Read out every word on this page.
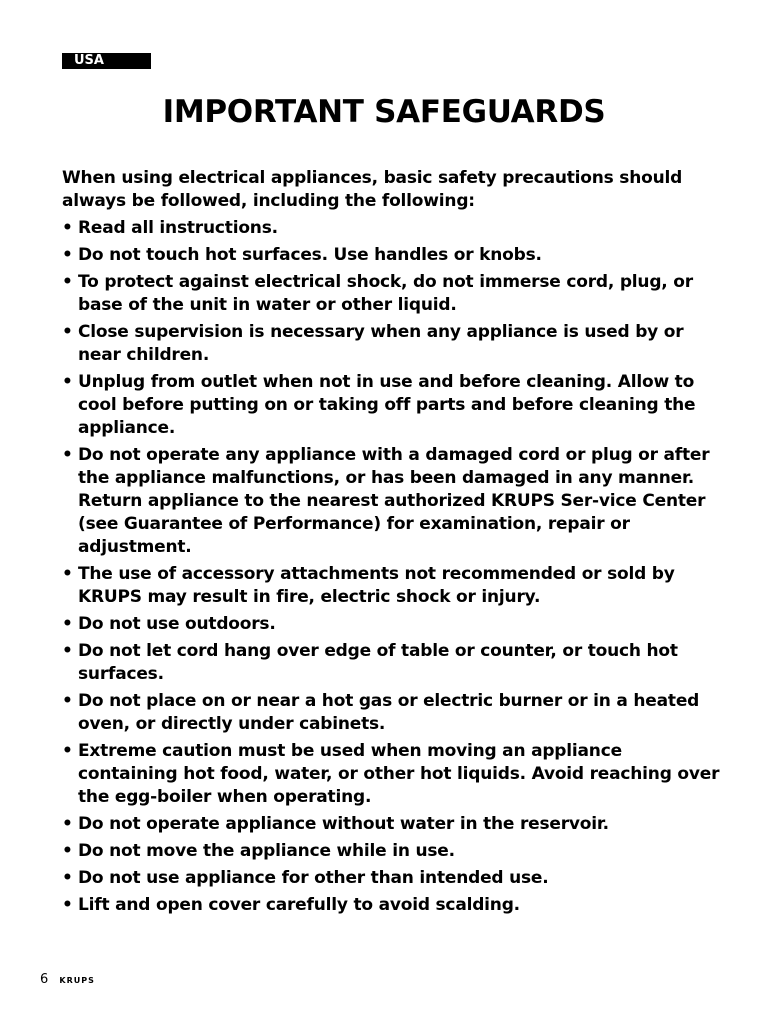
USA
IMPORTANT SAFEGUARDS

When using electrical appliances, basic safety precautions should always be followed, including the following:

• Read all instructions.
• Do not touch hot surfaces. Use handles or knobs.
• To protect against electrical shock, do not immerse cord, plug, or base of the unit in water or other liquid.
• Close supervision is necessary when any appliance is used by or near children.
• Unplug from outlet when not in use and before cleaning. Allow to cool before putting on or taking off parts and before cleaning the appliance.
• Do not operate any appliance with a damaged cord or plug or after the appliance malfunctions, or has been damaged in any manner. Return appliance to the nearest authorized KRUPS Ser-vice Center (see Guarantee of Performance) for examination, repair or adjustment.
• The use of accessory attachments not recommended or sold by KRUPS may result in fire, electric shock or injury.
• Do not use outdoors.
• Do not let cord hang over edge of table or counter, or touch hot surfaces.
• Do not place on or near a hot gas or electric burner or in a heated oven, or directly under cabinets.
• Extreme caution must be used when moving an appliance containing hot food, water, or other hot liquids. Avoid reaching over the egg-boiler when operating.
• Do not operate appliance without water in the reservoir.
• Do not move the appliance while in use.
• Do not use appliance for other than intended use.
• Lift and open cover carefully to avoid scalding.
6 KRUPS
